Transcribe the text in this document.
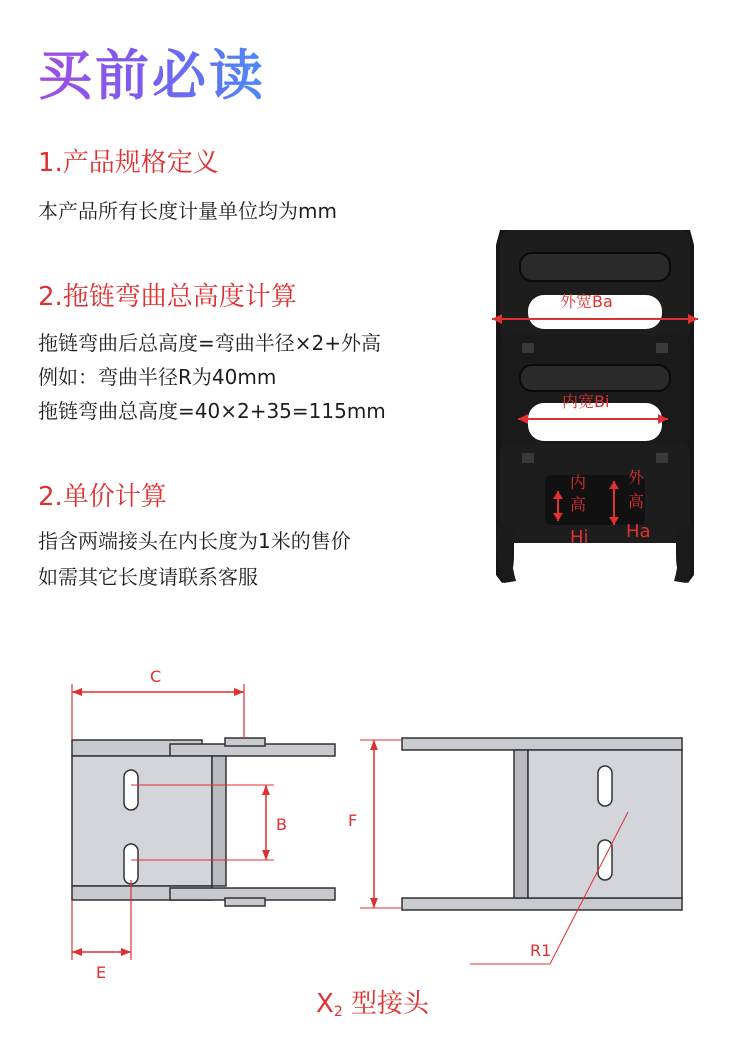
买前必读
1.产品规格定义
本产品所有长度计量单位均为mm
2.拖链弯曲总高度计算
拖链弯曲后总高度=弯曲半径×2+外高
例如：弯曲半径R为40mm
拖链弯曲总高度=40×2+35=115mm
2.单价计算
指含两端接头在内长度为1米的售价
如需其它长度请联系客服
外宽Ba
内宽Bi
内
高
Hi
外
高
Ha
C
B
E
F
R1
X2 型接头
